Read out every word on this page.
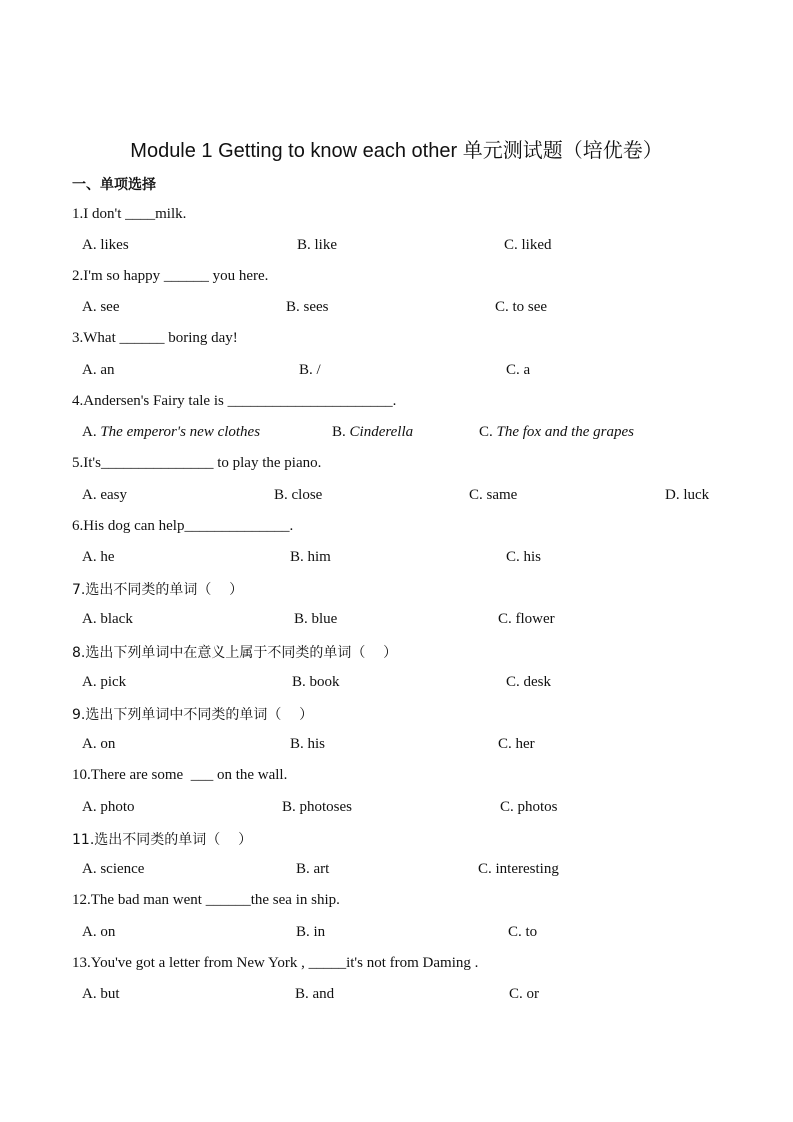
Module 1 Getting to know each other 单元测试题（培优卷）
一、单项选择
1.I don't ____milk.
A. likes	B. like	C. liked
2.I'm so happy ______ you here.
A. see	B. sees	C. to see
3.What ______ boring day!
A. an	B. /	C. a
4.Andersen's Fairy tale is ______________________.
A. The emperor's new clothes	B. Cinderella	C. The fox and the grapes
5.It's_______________ to play the piano.
A. easy	B. close	C. same	D. luck
6.His dog can help______________.
A. he	B. him	C. his
7.选出不同类的单词（    ）
A. black	B. blue	C. flower
8.选出下列单词中在意义上属于不同类的单词（    ）
A. pick	B. book	C. desk
9.选出下列单词中不同类的单词（    ）
A. on	B. his	C. her
10.There are some  ___ on the wall.
A. photo	B. photoses	C. photos
11.选出不同类的单词（    ）
A. science	B. art	C. interesting
12.The bad man went ______the sea in ship.
A. on	B. in	C. to
13.You've got a letter from New York , _____it's not from Daming .
A. but	B. and	C. or
